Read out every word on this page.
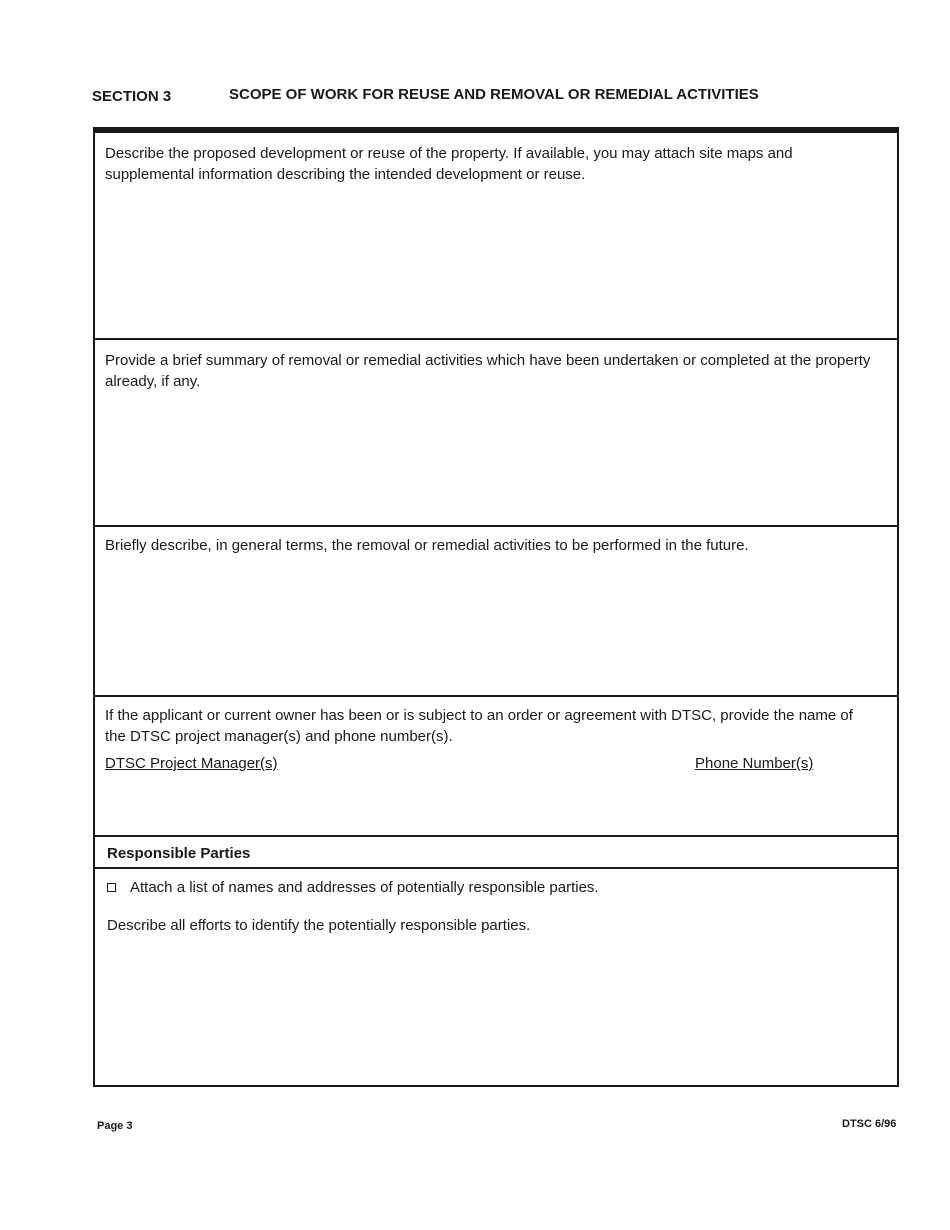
SECTION 3	SCOPE OF WORK FOR REUSE AND REMOVAL OR REMEDIAL ACTIVITIES
Describe the proposed development or reuse of the property. If available, you may attach site maps and supplemental information describing the intended development or reuse.
Provide a brief summary of removal or remedial activities which have been undertaken or completed at the property already, if any.
Briefly describe, in general terms, the removal or remedial activities to be performed in the future.
If the applicant or current owner has been or is subject to an order or agreement with DTSC, provide the name of the DTSC project manager(s) and phone number(s).
DTSC Project Manager(s)	Phone Number(s)
Responsible Parties
Attach a list of names and addresses of potentially responsible parties.
Describe all efforts to identify the potentially responsible parties.
Page 3	DTSC 6/96
